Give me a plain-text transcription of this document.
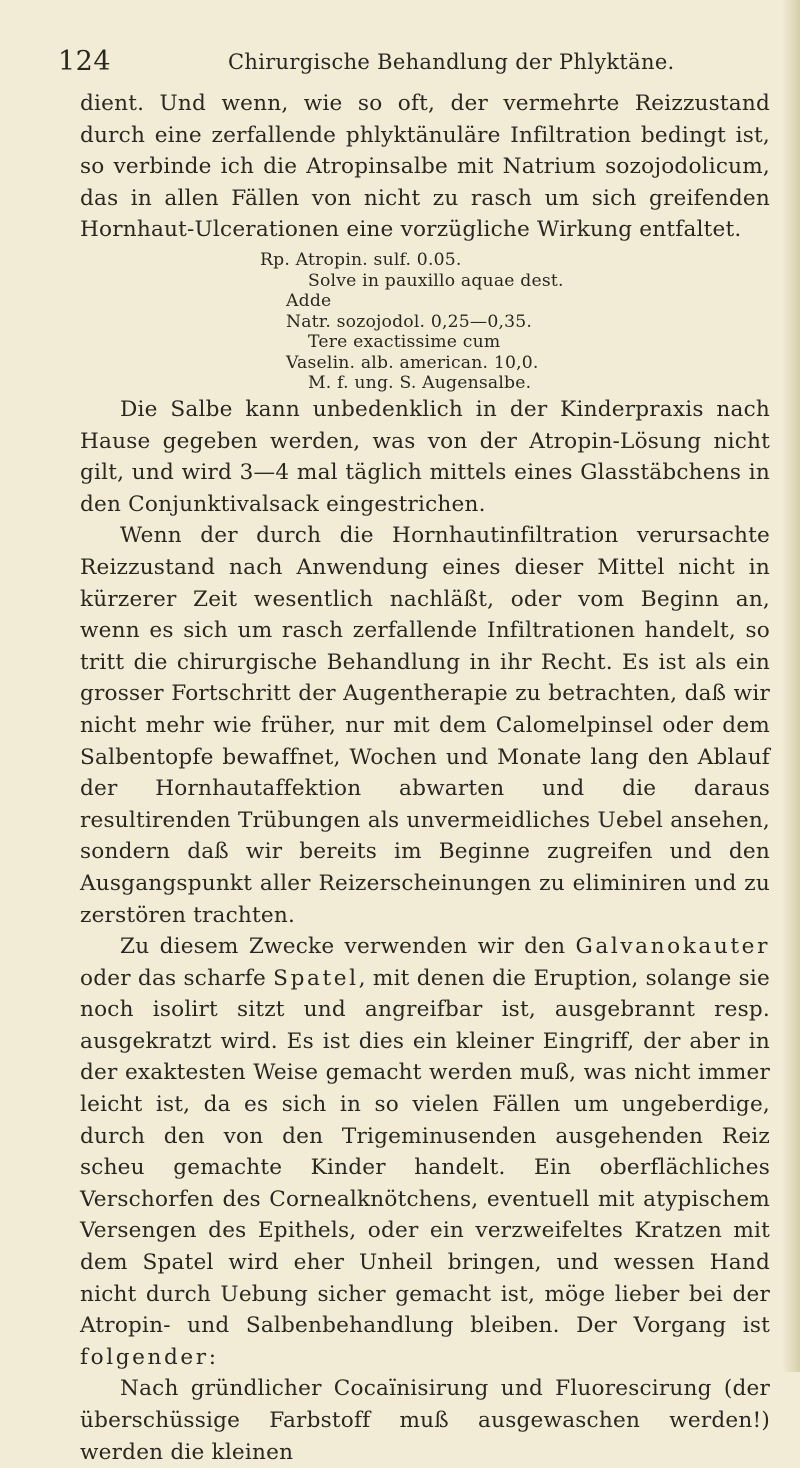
124	Chirurgische Behandlung der Phlyktäne.

dient. Und wenn, wie so oft, der vermehrte Reizzustand durch eine zerfallende phlyktänuläre Infiltration bedingt ist, so verbinde ich die Atropinsalbe mit Natrium sozojodolicum, das in allen Fällen von nicht zu rasch um sich greifenden Hornhaut-Ulcerationen eine vorzügliche Wirkung entfaltet.

Rp. Atropin. sulf. 0.05.
Solve in pauxillo aquae dest.
Adde
Natr. sozojodol. 0,25—0,35.
Tere exactissime cum
Vaselin. alb. american. 10,0.
M. f. ung. S. Augensalbe.

Die Salbe kann unbedenklich in der Kinderpraxis nach Hause gegeben werden, was von der Atropin-Lösung nicht gilt, und wird 3—4 mal täglich mittels eines Glasstäbchens in den Conjunktivalsack eingestrichen.

Wenn der durch die Hornhautinfiltration verursachte Reizzustand nach Anwendung eines dieser Mittel nicht in kürzerer Zeit wesentlich nachläßt, oder vom Beginn an, wenn es sich um rasch zerfallende Infiltrationen handelt, so tritt die chirurgische Behandlung in ihr Recht. Es ist als ein grosser Fortschritt der Augentherapie zu betrachten, daß wir nicht mehr wie früher, nur mit dem Calomelpinsel oder dem Salbentopfe bewaffnet, Wochen und Monate lang den Ablauf der Hornhautaffektion abwarten und die daraus resultirenden Trübungen als unvermeidliches Uebel ansehen, sondern daß wir bereits im Beginne zugreifen und den Ausgangspunkt aller Reizerscheinungen zu eliminiren und zu zerstören trachten.

Zu diesem Zwecke verwenden wir den Galvanokauter oder das scharfe Spatel, mit denen die Eruption, solange sie noch isolirt sitzt und angreifbar ist, ausgebrannt resp. ausgekratzt wird. Es ist dies ein kleiner Eingriff, der aber in der exaktesten Weise gemacht werden muß, was nicht immer leicht ist, da es sich in so vielen Fällen um ungeberdige, durch den von den Trigeminusenden ausgehenden Reiz scheu gemachte Kinder handelt. Ein oberflächliches Verschorfen des Cornealknötchens, eventuell mit atypischem Versengen des Epithels, oder ein verzweifeltes Kratzen mit dem Spatel wird eher Unheil bringen, und wessen Hand nicht durch Uebung sicher gemacht ist, möge lieber bei der Atropin- und Salbenbehandlung bleiben. Der Vorgang ist folgender:

Nach gründlicher Cocaïnisirung und Fluorescirung (der überschüssige Farbstoff muß ausgewaschen werden!) werden die kleinen
